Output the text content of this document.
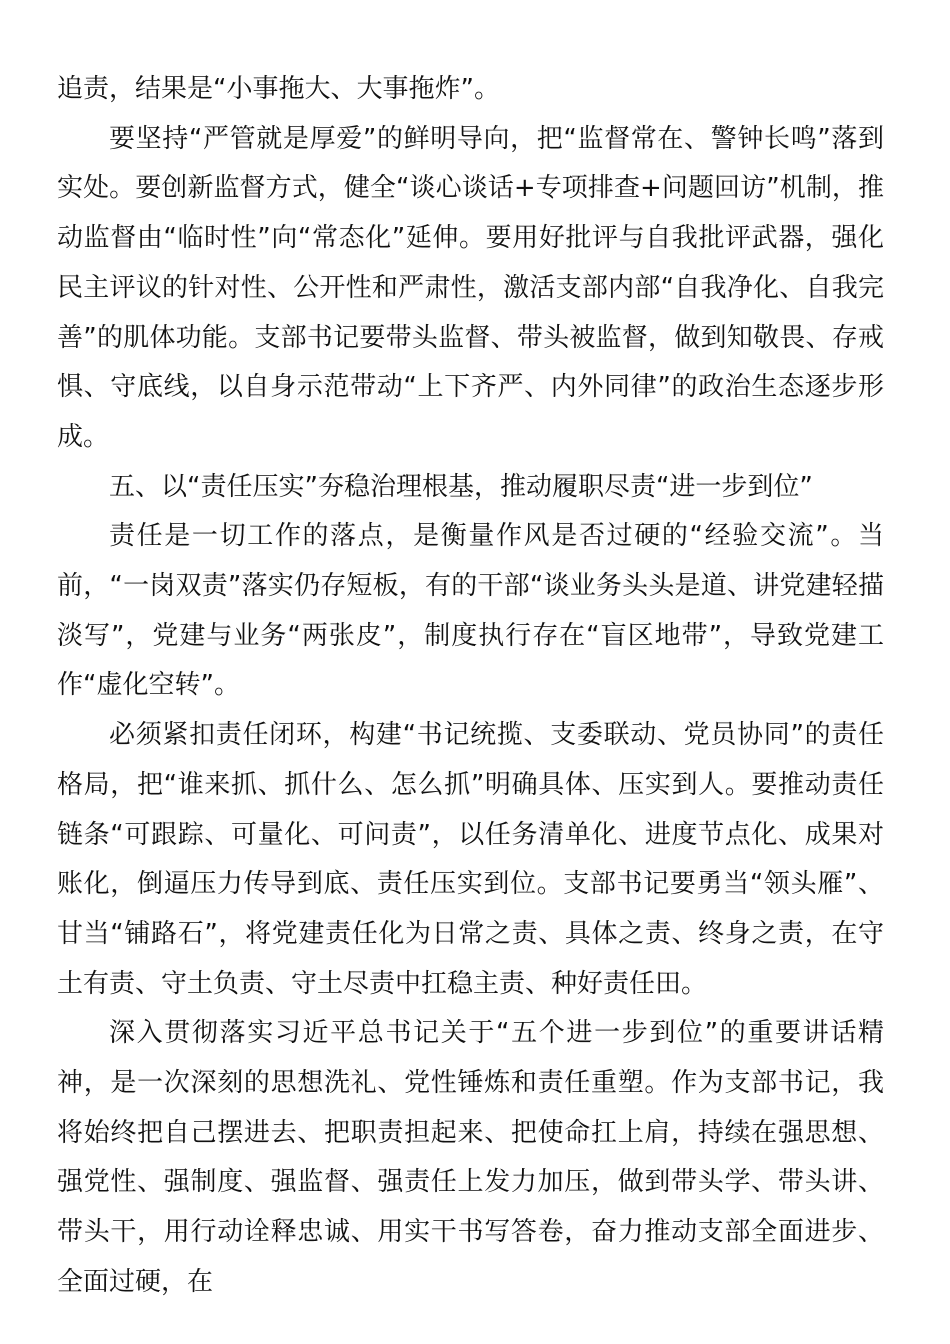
追责，结果是“小事拖大、大事拖炸”。

要坚持“严管就是厚爱”的鲜明导向，把“监督常在、警钟长鸣”落到实处。要创新监督方式，健全“谈心谈话+专项排查+问题回访”机制，推动监督由“临时性”向“常态化”延伸。要用好批评与自我批评武器，强化民主评议的针对性、公开性和严肃性，激活支部内部“自我净化、自我完善”的肌体功能。支部书记要带头监督、带头被监督，做到知敬畏、存戒惧、守底线，以自身示范带动“上下齐严、内外同律”的政治生态逐步形成。

五、以“责任压实”夯稳治理根基，推动履职尽责“进一步到位”

责任是一切工作的落点，是衡量作风是否过硬的“经验交流”。当前，“一岗双责”落实仍存短板，有的干部“谈业务头头是道、讲党建轻描淡写”，党建与业务“两张皮”，制度执行存在“盲区地带”，导致党建工作“虚化空转”。

必须紧扣责任闭环，构建“书记统揽、支委联动、党员协同”的责任格局，把“谁来抓、抓什么、怎么抓”明确具体、压实到人。要推动责任链条“可跟踪、可量化、可问责”，以任务清单化、进度节点化、成果对账化，倒逼压力传导到底、责任压实到位。支部书记要勇当“领头雁”、甘当“铺路石”，将党建责任化为日常之责、具体之责、终身之责，在守土有责、守土负责、守土尽责中扛稳主责、种好责任田。

深入贯彻落实习近平总书记关于“五个进一步到位”的重要讲话精神，是一次深刻的思想洗礼、党性锤炼和责任重塑。作为支部书记，我将始终把自己摆进去、把职责担起来、把使命扛上肩，持续在强思想、强党性、强制度、强监督、强责任上发力加压，做到带头学、带头讲、带头干，用行动诠释忠诚、用实干书写答卷，奋力推动支部全面进步、全面过硬，在
